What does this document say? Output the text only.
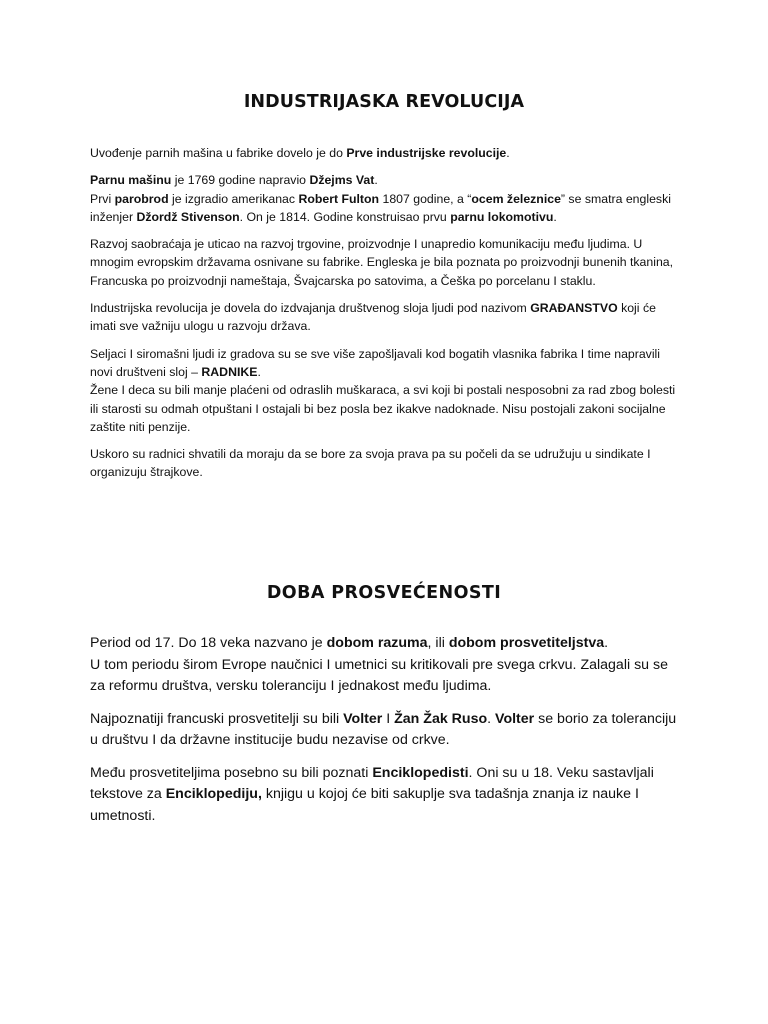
INDUSTRIJASKA REVOLUCIJA

Uvođenje parnih mašina u fabrike dovelo je do Prve industrijske revolucije.

Parnu mašinu je 1769 godine napravio Džejms Vat.
Prvi parobrod je izgradio amerikanac Robert Fulton 1807 godine, a “ocem železnice” se smatra engleski inženjer Džordž Stivenson. On je 1814. Godine konstruisao prvu parnu lokomotivu.

Razvoj saobraćaja je uticao na razvoj trgovine, proizvodnje I unapredio komunikaciju među ljudima. U mnogim evropskim državama osnivane su fabrike. Engleska je bila poznata po proizvodnji bunenih tkanina, Francuska po proizvodnji nameštaja, Švajcarska po satovima, a Češka po porcelanu I staklu.

Industrijska revolucija je dovela do izdvajanja društvenog sloja ljudi pod nazivom GRAĐANSTVO koji će imati sve važniju ulogu u razvoju država.

Seljaci I siromašni ljudi iz gradova su se sve više zapošljavali kod bogatih vlasnika fabrika I time napravili novi društveni sloj – RADNIKE.
Žene I deca su bili manje plaćeni od odraslih muškaraca, a svi koji bi postali nesposobni za rad zbog bolesti ili starosti su odmah otpuštani I ostajali bi bez posla bez ikakve nadoknade. Nisu postojali zakoni socijalne zaštite niti penzije.

Uskoro su radnici shvatili da moraju da se bore za svoja prava pa su počeli da se udružuju u sindikate I organizuju štrajkove.

DOBA PROSVEĆENOSTI

Period od 17. Do 18 veka nazvano je dobom razuma, ili dobom prosvetiteljstva.
U tom periodu širom Evrope naučnici I umetnici su kritikovali pre svega crkvu. Zalagali su se za reformu društva, versku toleranciju I jednakost među ljudima.

Najpoznatiji francuski prosvetitelji su bili Volter I Žan Žak Ruso. Volter se borio za toleranciju u društvu I da državne institucije budu nezavise od crkve.

Među prosvetiteljima posebno su bili poznati Enciklopedisti. Oni su u 18. Veku sastavljali tekstove za Enciklopediju, knjigu u kojoj će biti sakuplje sva tadašnja znanja iz nauke I umetnosti.
